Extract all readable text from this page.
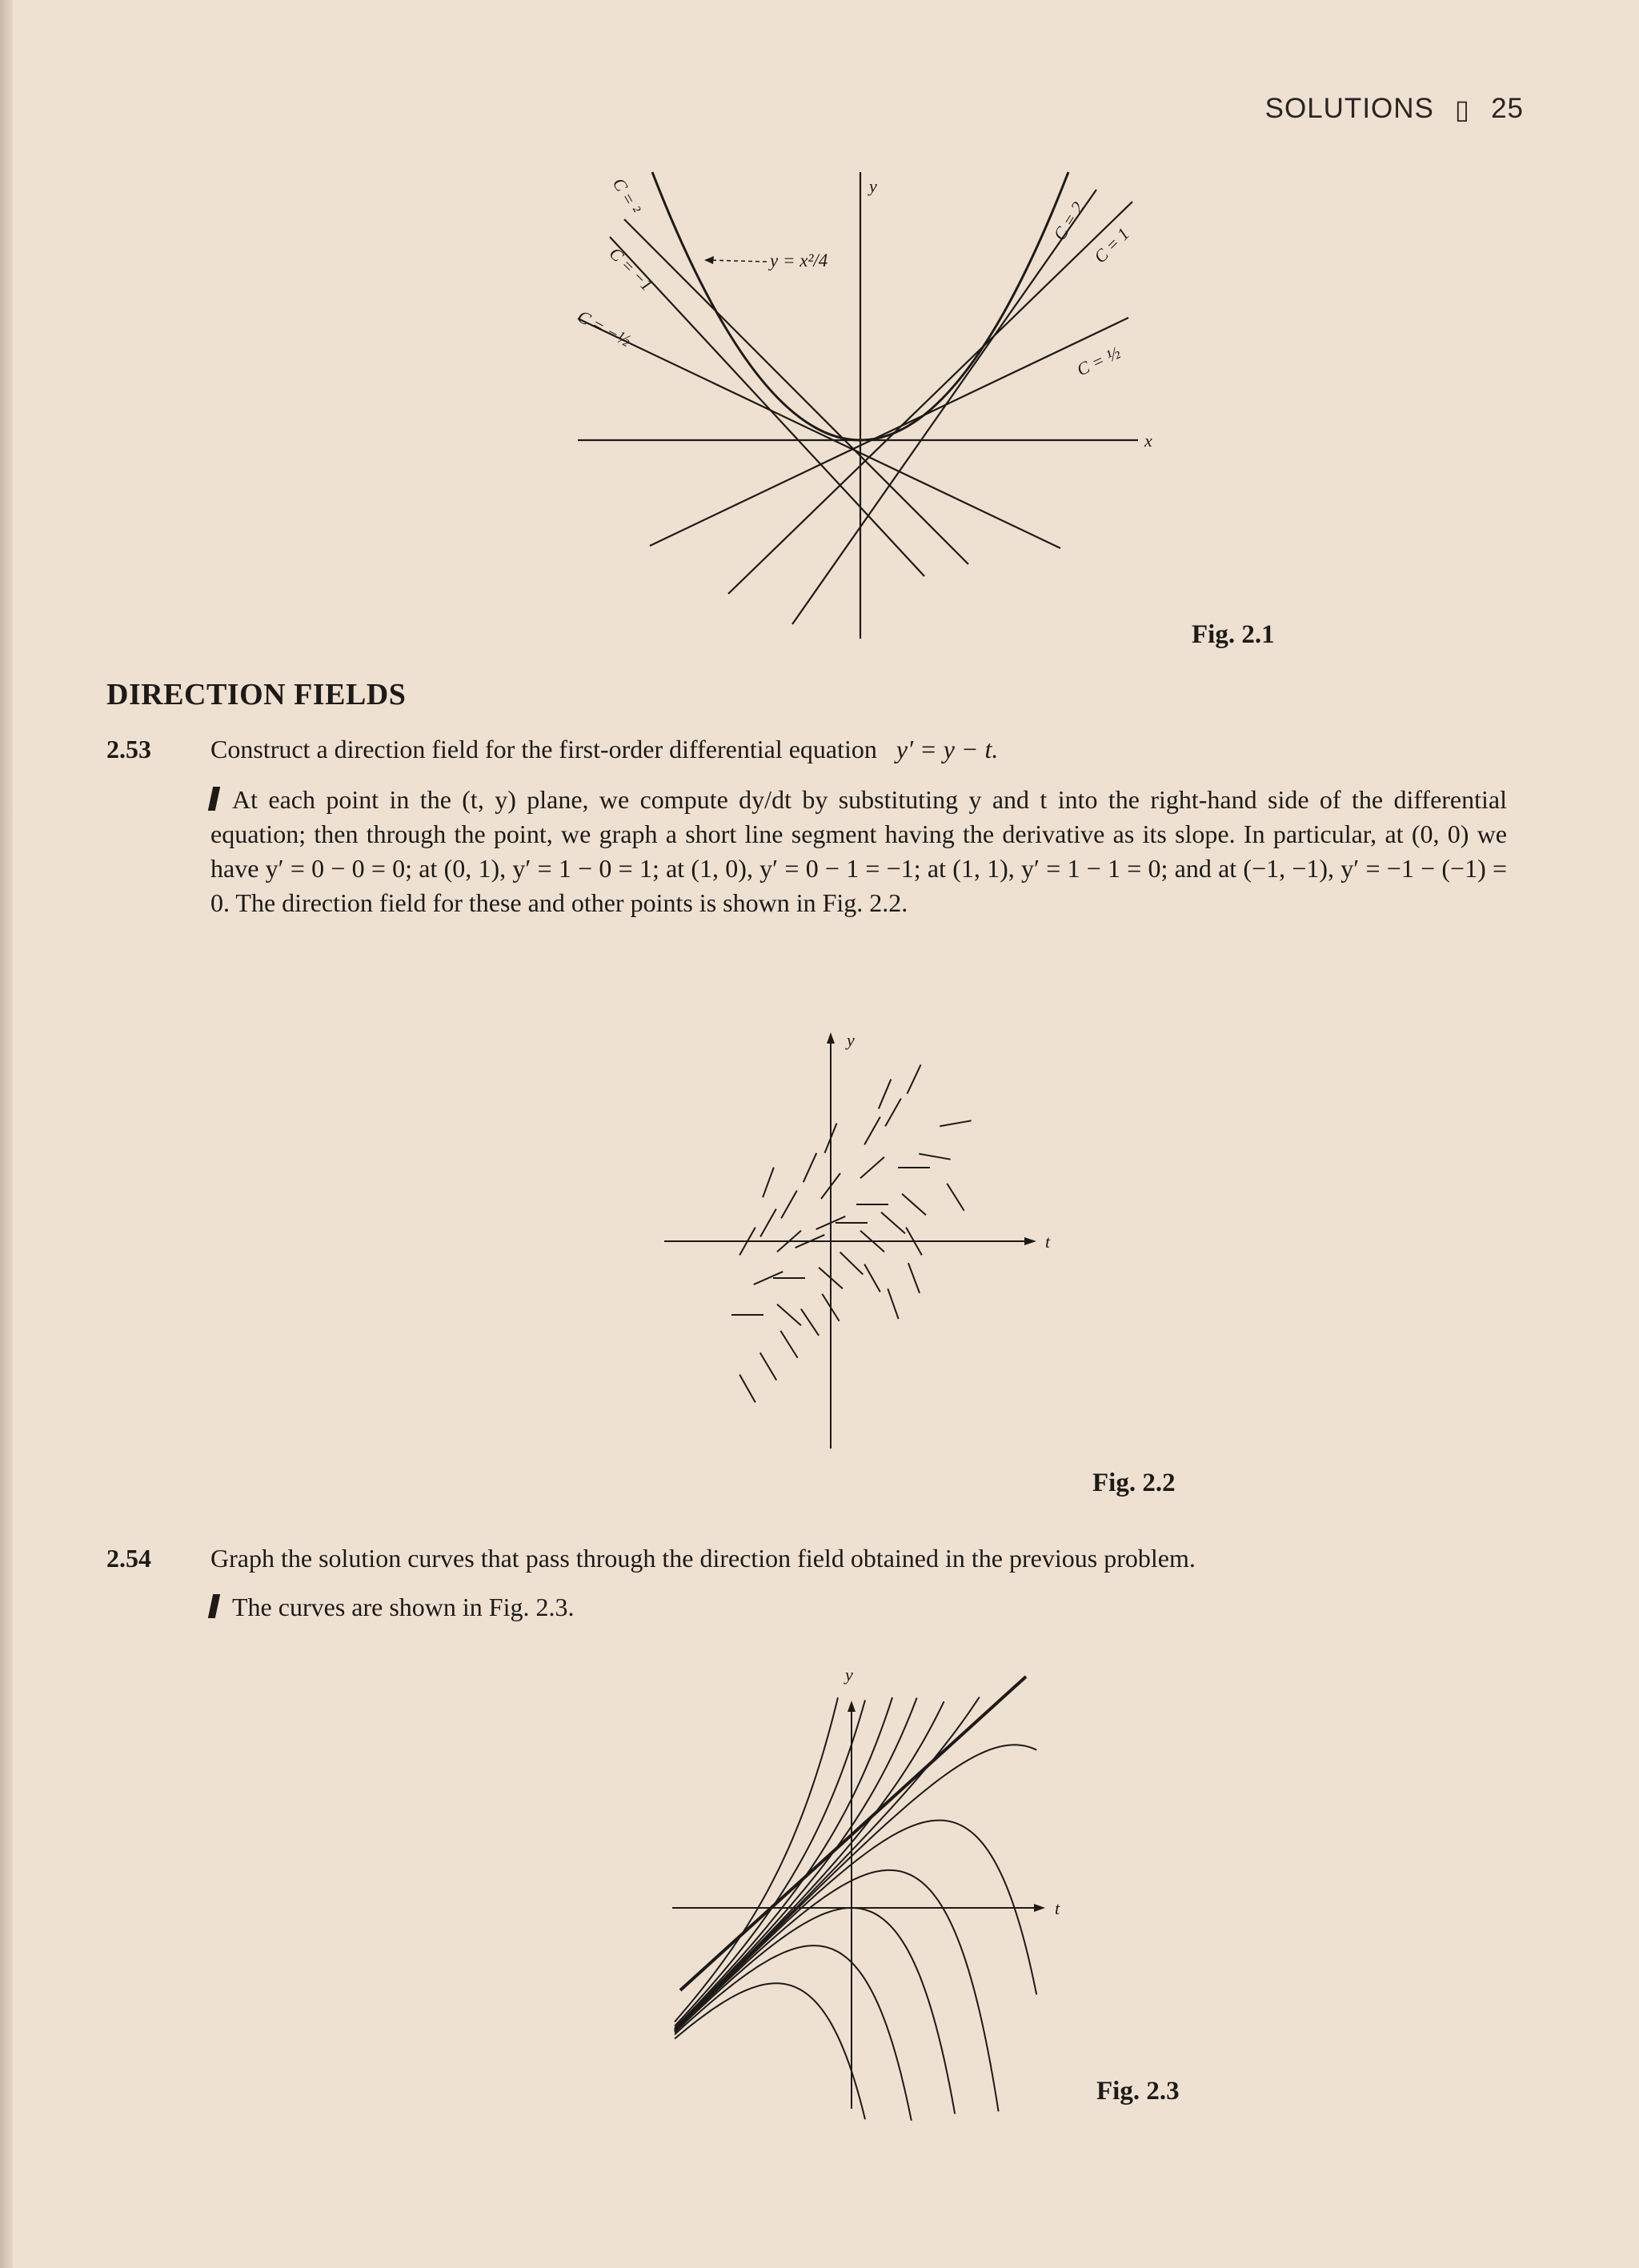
SOLUTIONS ▯ 25
C = ²
C = −1
C = −½
C = 2
C = 1
C = ½
y = x²/4
y
x
Fig. 2.1
DIRECTION FIELDS
2.53 Construct a direction field for the first-order differential equation y′ = y − t.
At each point in the (t, y) plane, we compute dy/dt by substituting y and t into the right-hand side of the differential equation; then through the point, we graph a short line segment having the derivative as its slope. In particular, at (0, 0) we have y′ = 0 − 0 = 0; at (0, 1), y′ = 1 − 0 = 1; at (1, 0), y′ = 0 − 1 = −1; at (1, 1), y′ = 1 − 1 = 0; and at (−1, −1), y′ = −1 − (−1) = 0. The direction field for these and other points is shown in Fig. 2.2.
y
t
Fig. 2.2
2.54 Graph the solution curves that pass through the direction field obtained in the previous problem.
The curves are shown in Fig. 2.3.
y
t
Fig. 2.3
